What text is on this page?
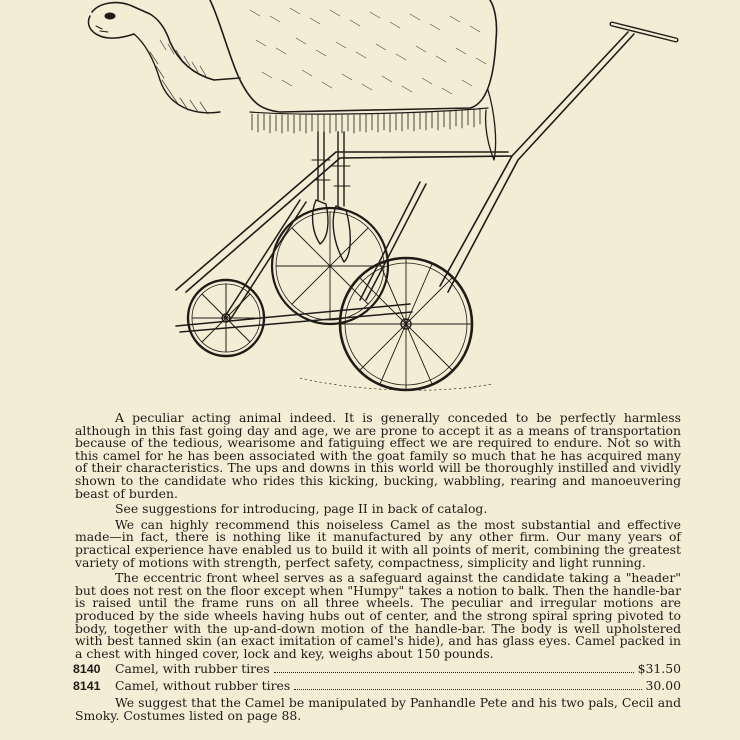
A peculiar acting animal indeed. It is generally conceded to be perfectly harmless although in this fast going day and age, we are prone to accept it as a means of transportation because of the tedious, wearisome and fatiguing effect we are required to endure. Not so with this camel for he has been associated with the goat family so much that he has acquired many of their characteristics. The ups and downs in this world will be thoroughly instilled and vividly shown to the candidate who rides this kicking, bucking, wabbling, rearing and manoeuvering beast of burden.

See suggestions for introducing, page II in back of catalog.

We can highly recommend this noiseless Camel as the most substantial and effective made—in fact, there is nothing like it manufactured by any other firm. Our many years of practical experience have enabled us to build it with all points of merit, combining the greatest variety of motions with strength, perfect safety, compactness, simplicity and light running.

The eccentric front wheel serves as a safeguard against the candidate taking a "header" but does not rest on the floor except when "Humpy" takes a notion to balk. Then the handle-bar is raised until the frame runs on all three wheels. The peculiar and irregular motions are produced by the side wheels having hubs out of center, and the strong spiral spring pivoted to body, together with the up-and-down motion of the handle-bar. The body is well upholstered with best tanned skin (an exact imitation of camel's hide), and has glass eyes. Camel packed in a chest with hinged cover, lock and key, weighs about 150 pounds.

8140	Camel, with rubber tires	$31.50
8141	Camel, without rubber tires	30.00

We suggest that the Camel be manipulated by Panhandle Pete and his two pals, Cecil and Smoky. Costumes listed on page 88.
